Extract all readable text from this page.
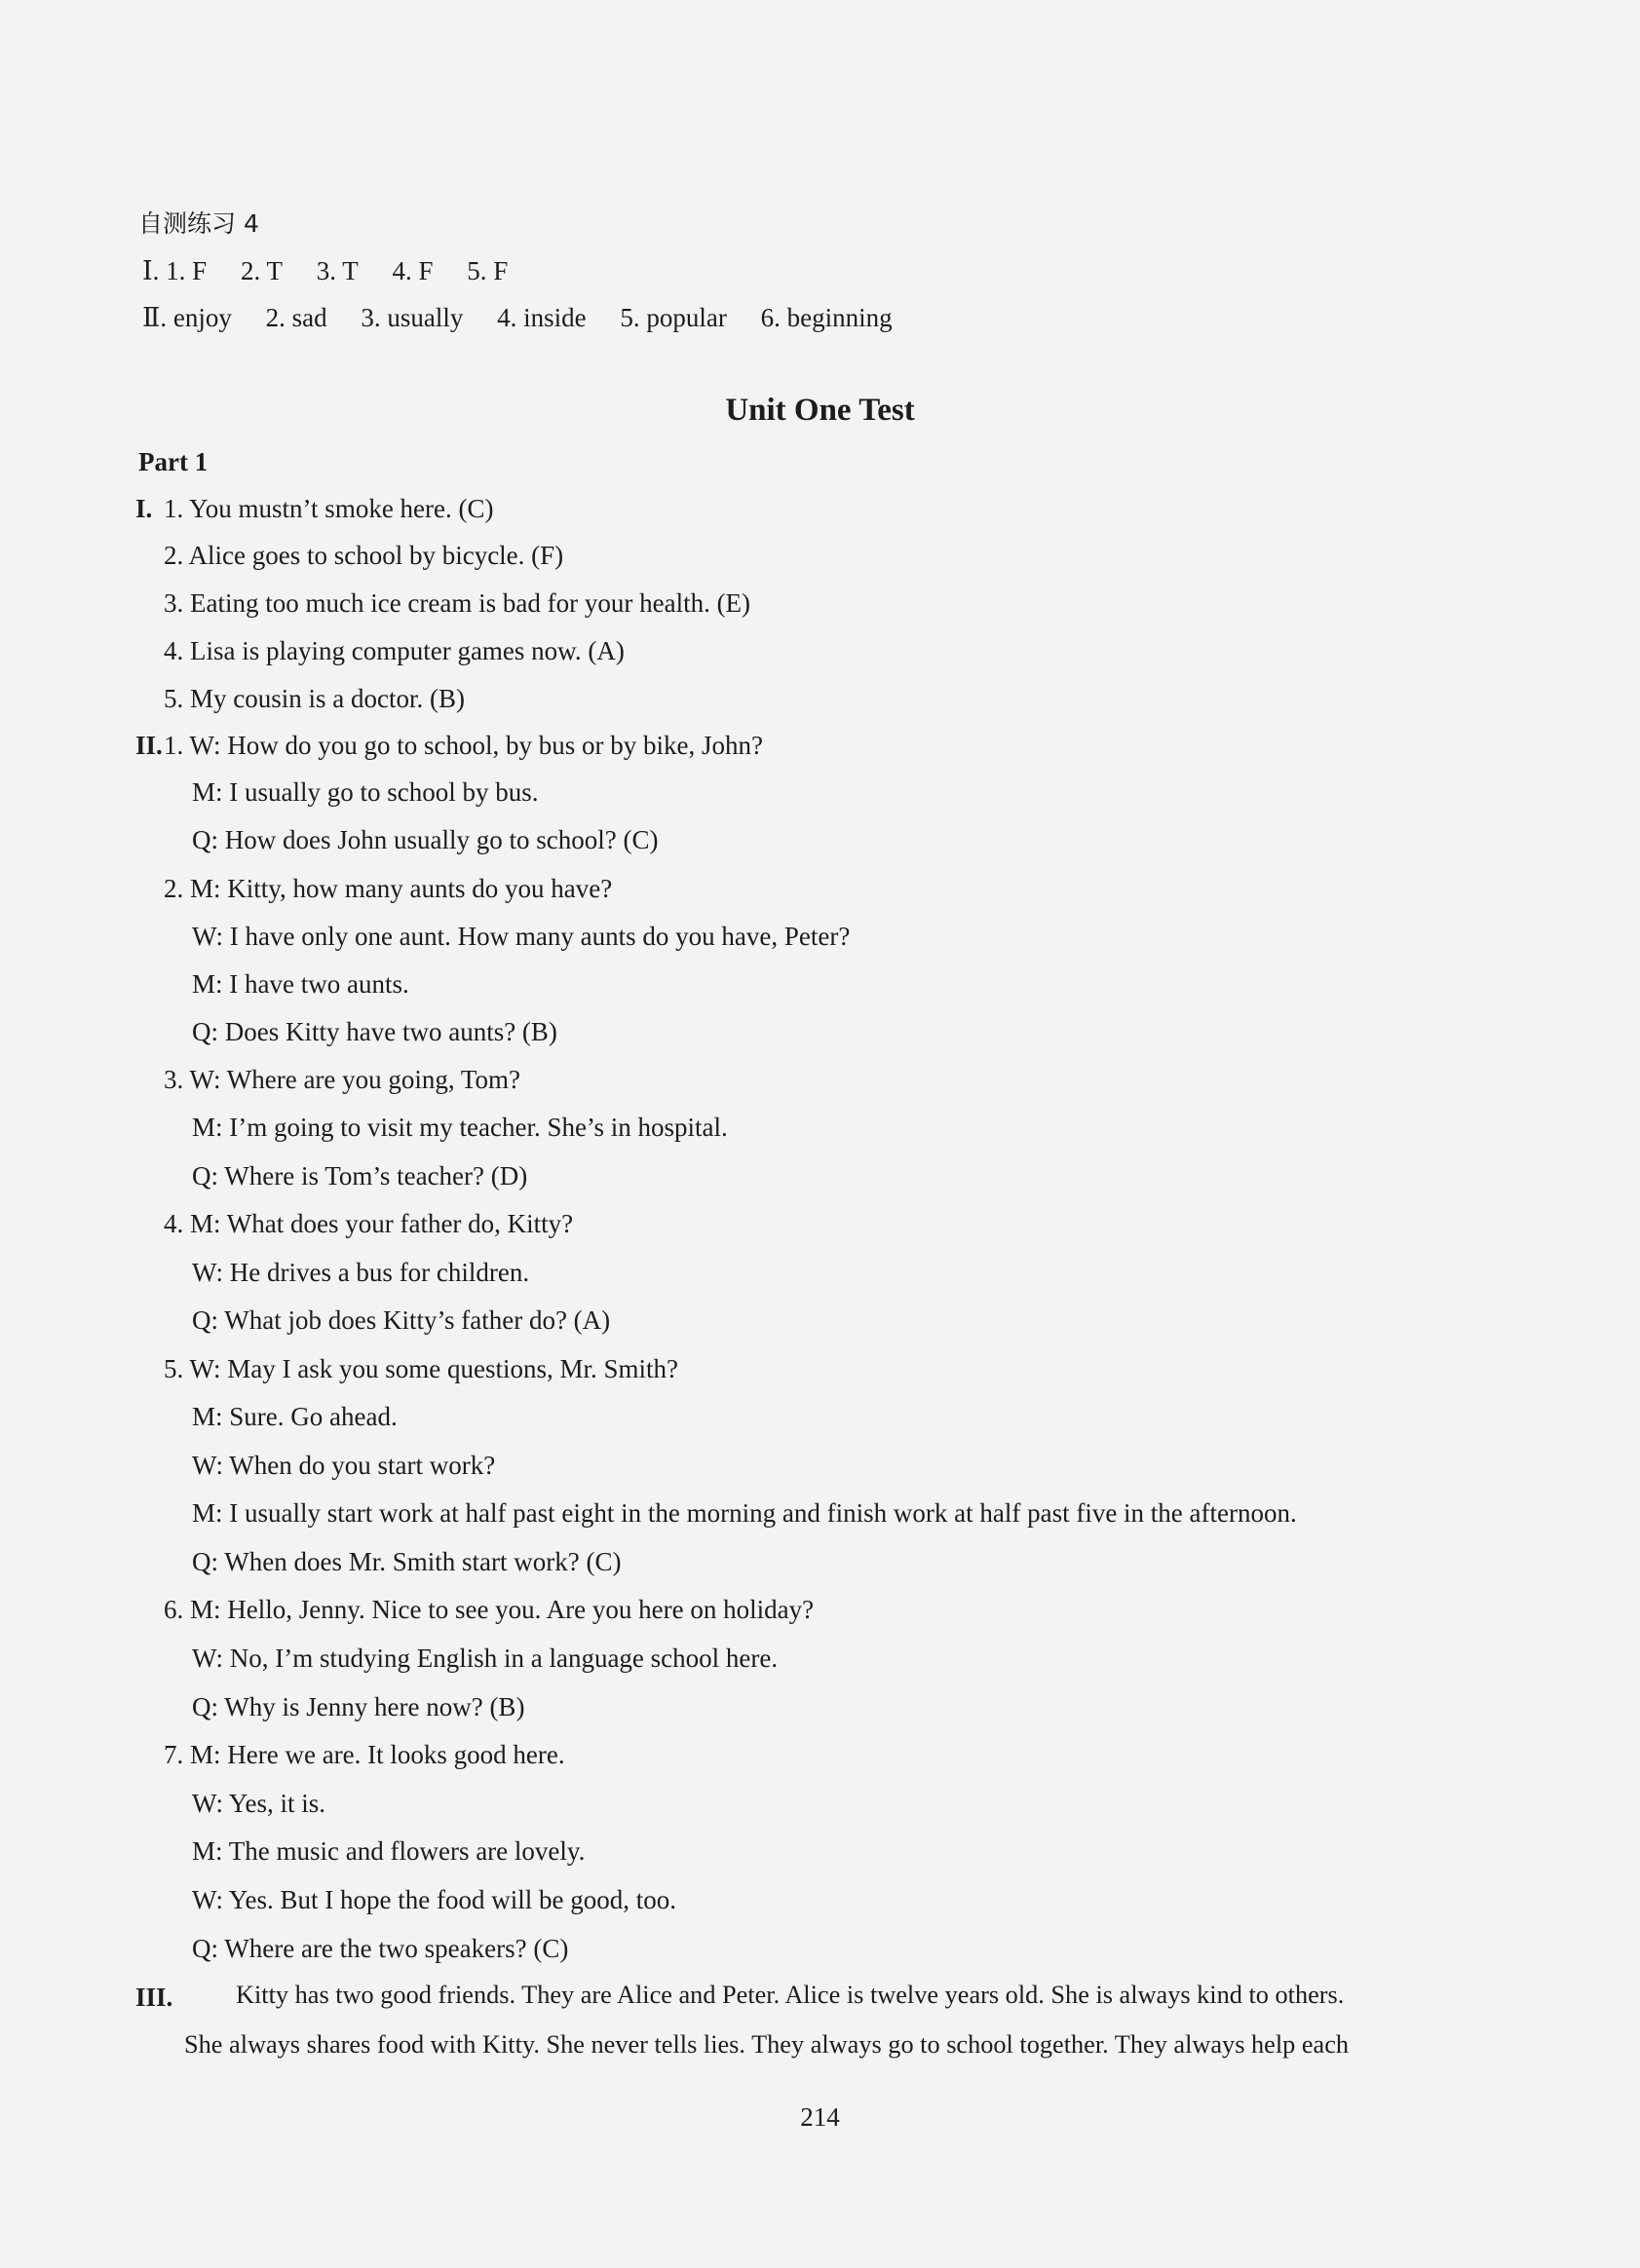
自测练习 4
Ⅰ. 1. F 2. T 3. T 4. F 5. F
Ⅱ. enjoy 2. sad 3. usually 4. inside 5. popular 6. beginning
Unit One Test
Part 1
I. 1. You mustn’t smoke here. (C)
2. Alice goes to school by bicycle. (F)
3. Eating too much ice cream is bad for your health. (E)
4. Lisa is playing computer games now. (A)
5. My cousin is a doctor. (B)
II. 1. W: How do you go to school, by bus or by bike, John?
M: I usually go to school by bus.
Q: How does John usually go to school? (C)
2. M: Kitty, how many aunts do you have?
W: I have only one aunt. How many aunts do you have, Peter?
M: I have two aunts.
Q: Does Kitty have two aunts? (B)
3. W: Where are you going, Tom?
M: I’m going to visit my teacher. She’s in hospital.
Q: Where is Tom’s teacher? (D)
4. M: What does your father do, Kitty?
W: He drives a bus for children.
Q: What job does Kitty’s father do? (A)
5. W: May I ask you some questions, Mr. Smith?
M: Sure. Go ahead.
W: When do you start work?
M: I usually start work at half past eight in the morning and finish work at half past five in the afternoon.
Q: When does Mr. Smith start work? (C)
6. M: Hello, Jenny. Nice to see you. Are you here on holiday?
W: No, I’m studying English in a language school here.
Q: Why is Jenny here now? (B)
7. M: Here we are. It looks good here.
W: Yes, it is.
M: The music and flowers are lovely.
W: Yes. But I hope the food will be good, too.
Q: Where are the two speakers? (C)
III. Kitty has two good friends. They are Alice and Peter. Alice is twelve years old. She is always kind to others.
She always shares food with Kitty. She never tells lies. They always go to school together. They always help each
214
